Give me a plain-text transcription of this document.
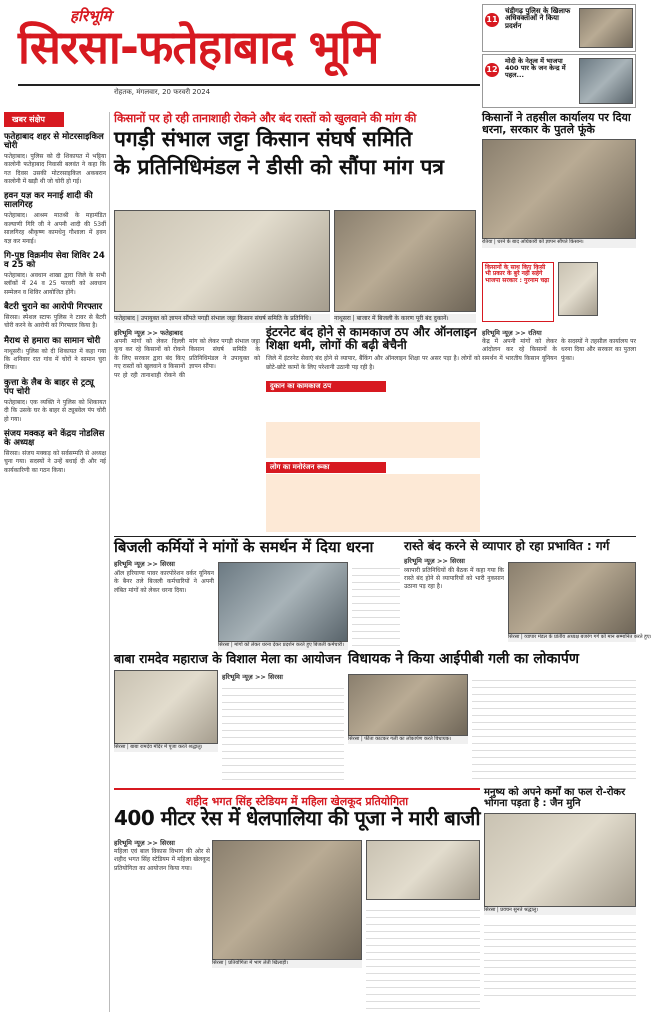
हरिभूमि
सिरसा-फतेहाबाद भूमि
रोहतक, मंगलवार, 20 फरवरी 2024
11
चंडीगढ़ पुलिस के खिलाफ अधिवक्ताओं ने किया प्रदर्शन
12
मोदी के नेतृत्व में भाजपा 400 पार के जन केन्द्र में पहल...
खबर संक्षेप
फतेहाबाद शहर से मोटरसाइकिल चोरी
फतेहाबाद। पुलिस को दी शिकायत में भट्टिया कालोनी फतेहाबाद निवासी बलवंत ने कहा कि गत दिवस उसकी मोटरसाइकिल अकबरान कालोनी में खड़ी थी जो चोरी हो गई।
हवन यज्ञ कर मनाई शादी की सालगिरह
फतेहाबाद। आश्रम मातश्री के महामंडित कल्याणी गिरि जी ने अपनी शादी की 53वीं सालगिरह श्रीकृष्ण कामधेनु गौशाला में हवन यज्ञ कर मनाई।
गि-पुष्ठ विक्रमीय सेवा शिविर 24 व 25 को
फतेहाबाद। अवधान शाखा द्वारा जिले के सभी ब्लॉकों में 24 व 25 फरवरी को अवधान सम्मेलन व शिविर आयोजित होंगे।
बैटरी चुराने का आरोपी गिरफ्तार
सिरसा। स्पेशल स्टाफ पुलिस ने टावर से बैटरी चोरी करने के आरोपी को गिरफ्तार किया है।
मैराथ से हमारा का सामान चोरी
नाथूसरी। पुलिस को दी शिकायत में कहा गया कि शनिवार रात गांव में चोरों ने सामान चुरा लिया।
कुत्ता के लैब के बाहर से ट्रट्यू पंप चोरी
फतेहाबाद। एक व्यक्ति ने पुलिस को शिकायत दी कि उसके घर के बाहर से ट्यूबवेल पंप चोरी हो गया।
संजय मक्कड़ बने केंद्रय नोडलिस के अध्यक्ष
सिरसा। संजय मक्कड़ को सर्वसम्मति से अध्यक्ष चुना गया। सदस्यों ने उन्हें बधाई दी और नई कार्यकारिणी का गठन किया।
किसानों पर हो रही तानाशाही रोकने और बंद रास्तों को खुलवाने की मांग की
पगड़ी संभाल जट्टा किसान संघर्ष समिति
के प्रतिनिधिमंडल ने डीसी को सौंपा मांग पत्र
फतेहाबाद | उपायुक्त को ज्ञापन सौंपते पगड़ी संभाल जट्टा किसान संघर्ष समिति के प्रतिनिधि।	नाथूसरा | बाजार में बिजली के कारण पूरी बंद दुकानें।
हरिभूमि न्यूज़ >> फतेहाबाद
अपनी मांगों को लेकर दिल्ली कूच कर रहे किसानों को रोकने के लिए सरकार द्वारा बंद किए गए रास्तों को खुलवाने व किसानों पर हो रही तानाशाही रोकने की मांग को लेकर पगड़ी संभाल जट्टा किसान संघर्ष समिति के प्रतिनिधिमंडल ने उपायुक्त को ज्ञापन सौंपा।
इंटरनेट बंद होने से कामकाज ठप और ऑनलाइन शिक्षा थमी, लोगों की बढ़ी बेचैनी
जिले में इंटरनेट सेवाएं बंद होने से व्यापार, बैंकिंग और ऑनलाइन शिक्षा पर असर पड़ा है। लोगों को छोटे-छोटे कामों के लिए परेशानी उठानी पड़ रही है।
दुकान का कामकाज ठप
लोग का मनोरंजन रूका
किसानों ने तहसील कार्यालय पर दिया धरना, सरकार के पुतले फूंके
रतिया | धरने के बाद अधिकारी को ज्ञापन सौंपते किसान।
किसानों के साथ किए किसी भी प्रकार के बुरे नहीं सहेगे भाजपा सरकार : गुरनाम चढ़ा
हरिभूमि न्यूज़ >> रतिया
केंद्र में अपनी मांगों को लेकर आंदोलन कर रहे किसानों के समर्थन में भारतीय किसान यूनियन के सदस्यों ने तहसील कार्यालय पर धरना दिया और सरकार का पुतला फूंका।
बिजली कर्मियों ने मांगों के समर्थन में दिया धरना
हरिभूमि न्यूज़ >> सिरसा
ऑल हरियाणा पावर कारपोरेशन वर्कर यूनियन के बैनर तले बिजली कर्मचारियों ने अपनी लंबित मांगों को लेकर धरना दिया।
सिरसा | मांगों को लेकर धरना देकर प्रदर्शन करते हुए बिजली कर्मचारी।
रास्ते बंद करने से व्यापार हो रहा प्रभावित : गर्ग
हरिभूमि न्यूज़ >> सिरसा
व्यापारी प्रतिनिधियों की बैठक में कहा गया कि रास्ते बंद होने से व्यापारियों को भारी नुकसान उठाना पड़ रहा है।
सिरसा | व्यापार मंडल के प्रांतीय अध्यक्ष बजरंग गर्ग को मान सम्मानित करते हुए।
बाबा रामदेव महाराज के विशाल मेला का आयोजन
सिरसा | बाबा रामदेव मंदिर में पूजा करते श्रद्धालु।
हरिभूमि न्यूज़ >> सिरसा
विधायक ने किया आईपीबी गली का लोकार्पण
सिरसा | फीता काटकर गली का लोकार्पण करते विधायक।
शहीद भगत सिंह स्टेडियम में महिला खेलकूद प्रतियोगिता
400 मीटर रेस में धेलपालिया की पूजा ने मारी बाजी
हरिभूमि न्यूज़ >> सिरसा
महिला एवं बाल विकास विभाग की ओर से शहीद भगत सिंह स्टेडियम में महिला खेलकूद प्रतियोगिता का आयोजन किया गया।
सिरसा | प्रतियोगिता में भाग लेती खिलाड़ी।
मनुष्य को अपने कर्मों का फल रो-रोकर भोगना पड़ता है : जैन मुनि
सिरसा | प्रवचन सुनते श्रद्धालु।
